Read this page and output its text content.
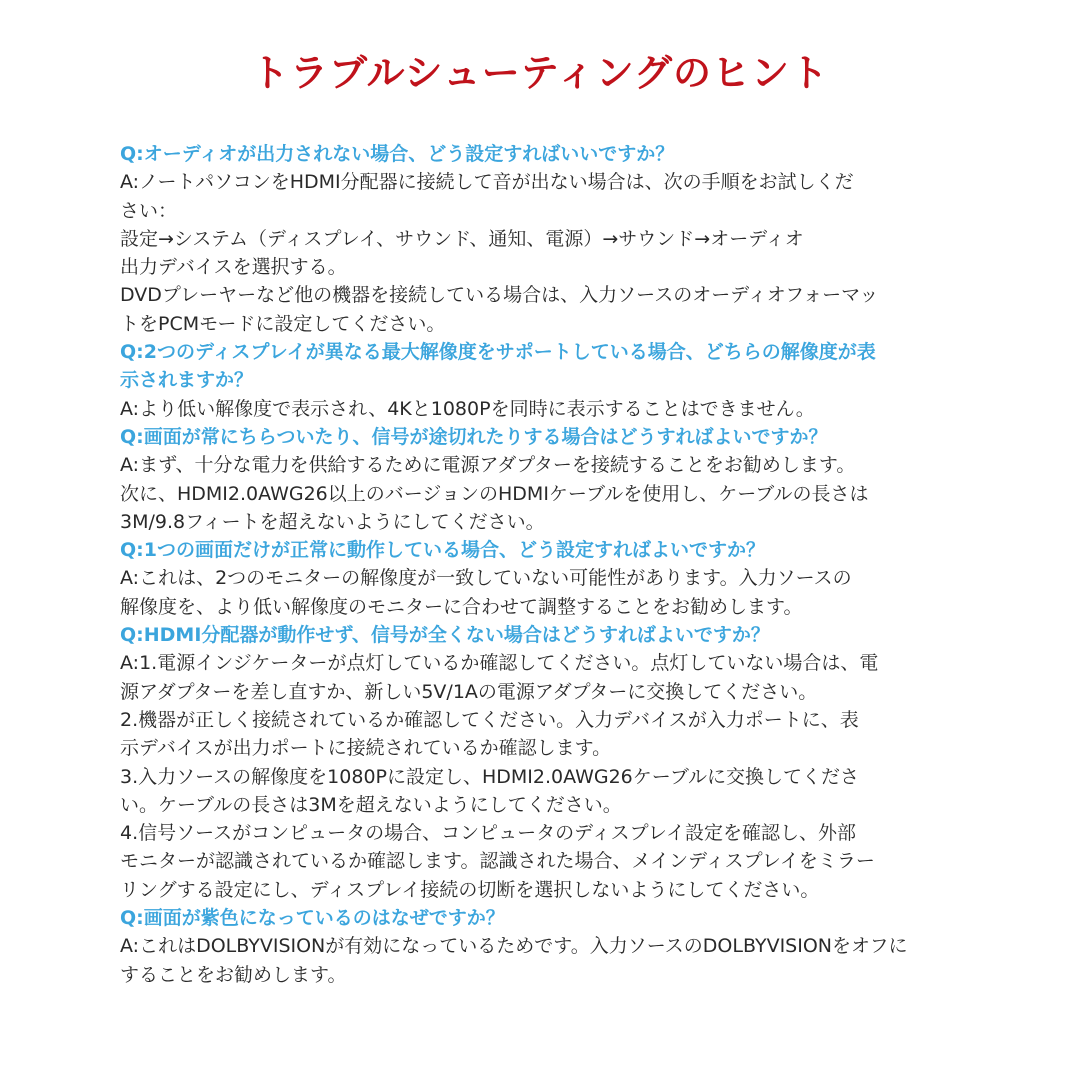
トラブルシューティングのヒント
Q:オーディオが出力されない場合、どう設定すればいいですか？
A:ノートパソコンをHDMI分配器に接続して音が出ない場合は、次の手順をお試しくだ
さい：
設定→システム（ディスプレイ、サウンド、通知、電源）→サウンド→オーディオ
出力デバイスを選択する。
DVDプレーヤーなど他の機器を接続している場合は、入力ソースのオーディオフォーマッ
トをPCMモードに設定してください。
Q:2つのディスプレイが異なる最大解像度をサポートしている場合、どちらの解像度が表
示されますか？
A:より低い解像度で表示され、4Kと1080Pを同時に表示することはできません。
Q:画面が常にちらついたり、信号が途切れたりする場合はどうすればよいですか？
A:まず、十分な電力を供給するために電源アダプターを接続することをお勧めします。
次に、HDMI2.0AWG26以上のバージョンのHDMIケーブルを使用し、ケーブルの長さは
3M/9.8フィートを超えないようにしてください。
Q:1つの画面だけが正常に動作している場合、どう設定すればよいですか？
A:これは、2つのモニターの解像度が一致していない可能性があります。入力ソースの
解像度を、より低い解像度のモニターに合わせて調整することをお勧めします。
Q:HDMI分配器が動作せず、信号が全くない場合はどうすればよいですか？
A:1.電源インジケーターが点灯しているか確認してください。点灯していない場合は、電
源アダプターを差し直すか、新しい5V/1Aの電源アダプターに交換してください。
2.機器が正しく接続されているか確認してください。入力デバイスが入力ポートに、表
示デバイスが出力ポートに接続されているか確認します。
3.入力ソースの解像度を1080Pに設定し、HDMI2.0AWG26ケーブルに交換してくださ
い。ケーブルの長さは3Mを超えないようにしてください。
4.信号ソースがコンピュータの場合、コンピュータのディスプレイ設定を確認し、外部
モニターが認識されているか確認します。認識された場合、メインディスプレイをミラー
リングする設定にし、ディスプレイ接続の切断を選択しないようにしてください。
Q:画面が紫色になっているのはなぜですか？
A:これはDOLBYVISIONが有効になっているためです。入力ソースのDOLBYVISIONをオフに
することをお勧めします。
